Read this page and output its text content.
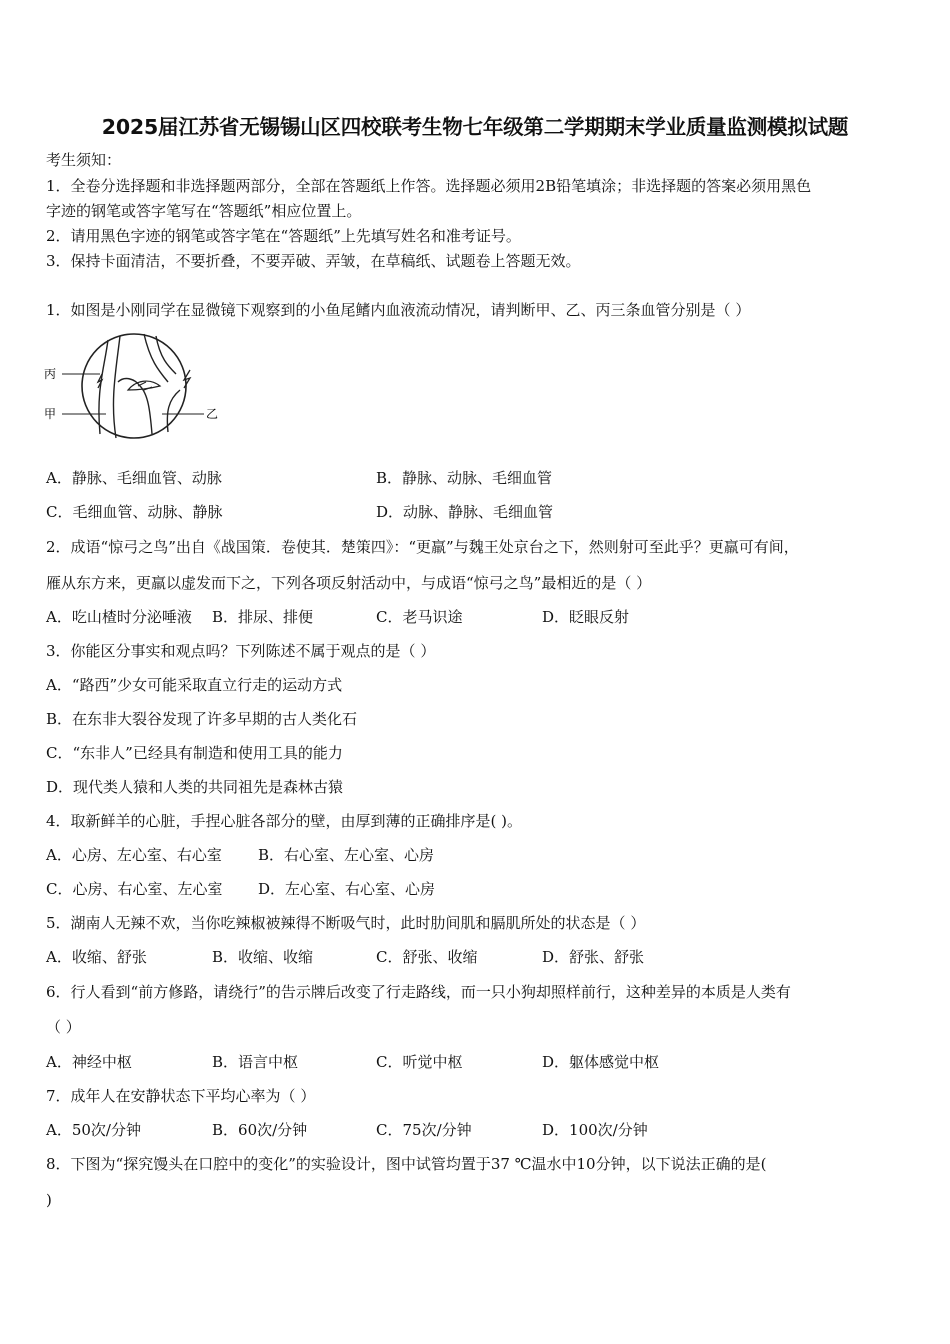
2025届江苏省无锡锡山区四校联考生物七年级第二学期期末学业质量监测模拟试题
考生须知：
1．全卷分选择题和非选择题两部分，全部在答题纸上作答。选择题必须用2B铅笔填涂；非选择题的答案必须用黑色
字迹的钢笔或答字笔写在“答题纸”相应位置上。
2．请用黑色字迹的钢笔或答字笔在“答题纸”上先填写姓名和准考证号。
3．保持卡面清洁，不要折叠，不要弄破、弄皱，在草稿纸、试题卷上答题无效。
1．如图是小刚同学在显微镜下观察到的小鱼尾鳍内血液流动情况，请判断甲、乙、丙三条血管分别是（ ）
丙
甲	乙
A．静脉、毛细血管、动脉	B．静脉、动脉、毛细血管
C．毛细血管、动脉、静脉	D．动脉、静脉、毛细血管
2．成语“惊弓之鸟”出自《战国策．卷使其．楚策四》：“更羸”与魏王处京台之下，然则射可至此乎？更羸可有间，
雁从东方来，更羸以虚发而下之，下列各项反射活动中，与成语“惊弓之鸟”最相近的是（ ）
A．吃山楂时分泌唾液 B．排尿、排便	C．老马识途	D．眨眼反射
3．你能区分事实和观点吗？下列陈述不属于观点的是（ ）
A．“路西”少女可能采取直立行走的运动方式
B．在东非大裂谷发现了许多早期的古人类化石
C．“东非人”已经具有制造和使用工具的能力
D．现代类人猿和人类的共同祖先是森林古猿
4．取新鲜羊的心脏，手捏心脏各部分的壁，由厚到薄的正确排序是( )。
A．心房、左心室、右心室 B．右心室、左心室、心房
C．心房、右心室、左心室 D．左心室、右心室、心房
5．湖南人无辣不欢，当你吃辣椒被辣得不断吸气时，此时肋间肌和膈肌所处的状态是（ ）
A．收缩、舒张	B．收缩、收缩	C．舒张、收缩	D．舒张、舒张
6．行人看到“前方修路，请绕行”的告示牌后改变了行走路线，而一只小狗却照样前行，这种差异的本质是人类有
（ ）
A．神经中枢	B．语言中枢	C．听觉中枢	D．躯体感觉中枢
7．成年人在安静状态下平均心率为（ ）
A．50次/分钟	B．60次/分钟	C．75次/分钟	D．100次/分钟
8．下图为“探究馒头在口腔中的变化”的实验设计，图中试管均置于37 ℃温水中10分钟，以下说法正确的是(
)
